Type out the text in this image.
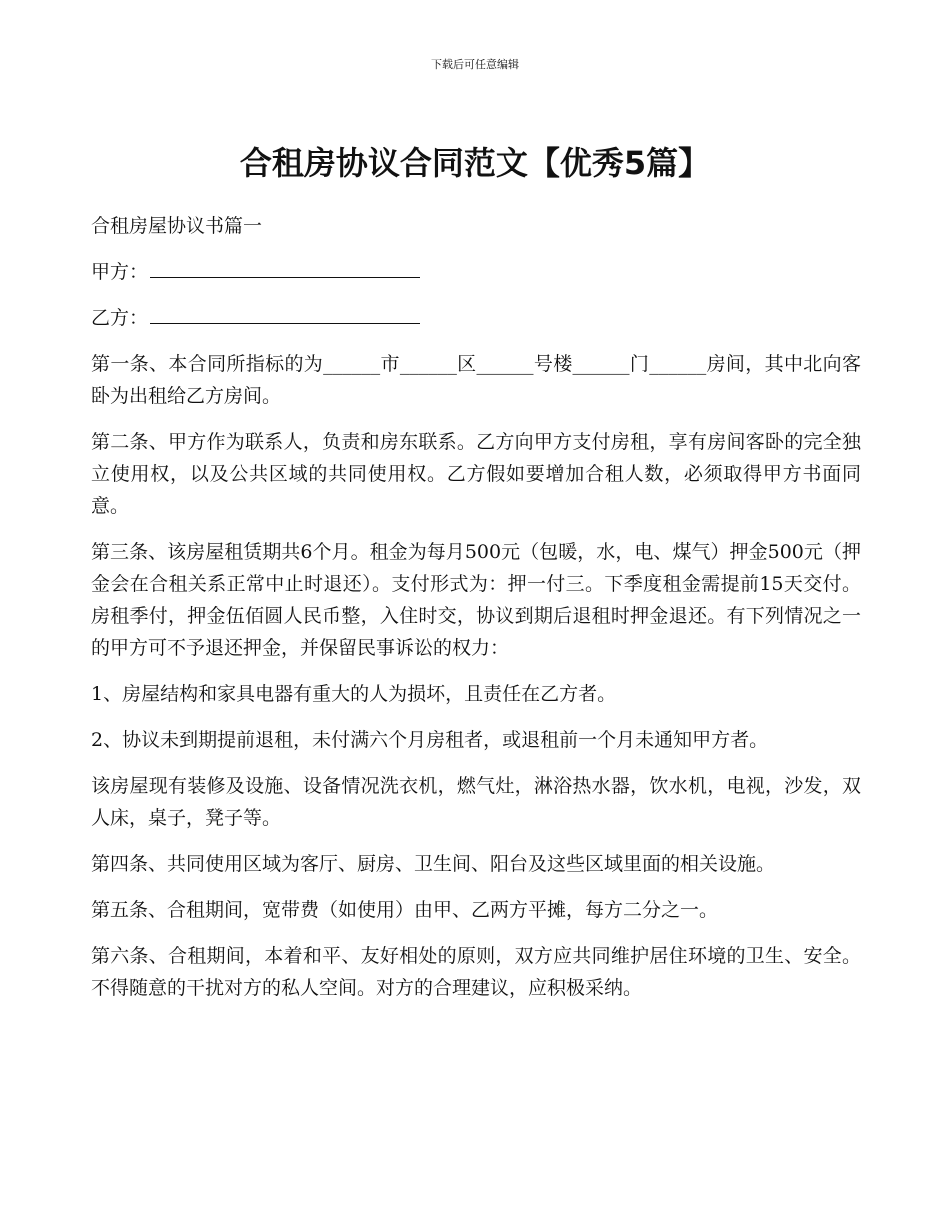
下载后可任意编辑
合租房协议合同范文【优秀5篇】

合租房屋协议书篇一

甲方：

乙方：

第一条、本合同所指标的为______市______区______号楼______门______房间，其中北向客卧为出租给乙方房间。

第二条、甲方作为联系人，负责和房东联系。乙方向甲方支付房租，享有房间客卧的完全独立使用权，以及公共区域的共同使用权。乙方假如要增加合租人数，必须取得甲方书面同意。

第三条、该房屋租赁期共6个月。租金为每月500元（包暖，水，电、煤气）押金500元（押金会在合租关系正常中止时退还）。支付形式为：押一付三。下季度租金需提前15天交付。房租季付，押金伍佰圆人民币整，入住时交，协议到期后退租时押金退还。有下列情况之一的甲方可不予退还押金，并保留民事诉讼的权力：

1、房屋结构和家具电器有重大的人为损坏，且责任在乙方者。

2、协议未到期提前退租，未付满六个月房租者，或退租前一个月未通知甲方者。

该房屋现有装修及设施、设备情况洗衣机，燃气灶，淋浴热水器，饮水机，电视，沙发，双人床，桌子，凳子等。

第四条、共同使用区域为客厅、厨房、卫生间、阳台及这些区域里面的相关设施。

第五条、合租期间，宽带费（如使用）由甲、乙两方平摊，每方二分之一。

第六条、合租期间，本着和平、友好相处的原则，双方应共同维护居住环境的卫生、安全。不得随意的干扰对方的私人空间。对方的合理建议，应积极采纳。
